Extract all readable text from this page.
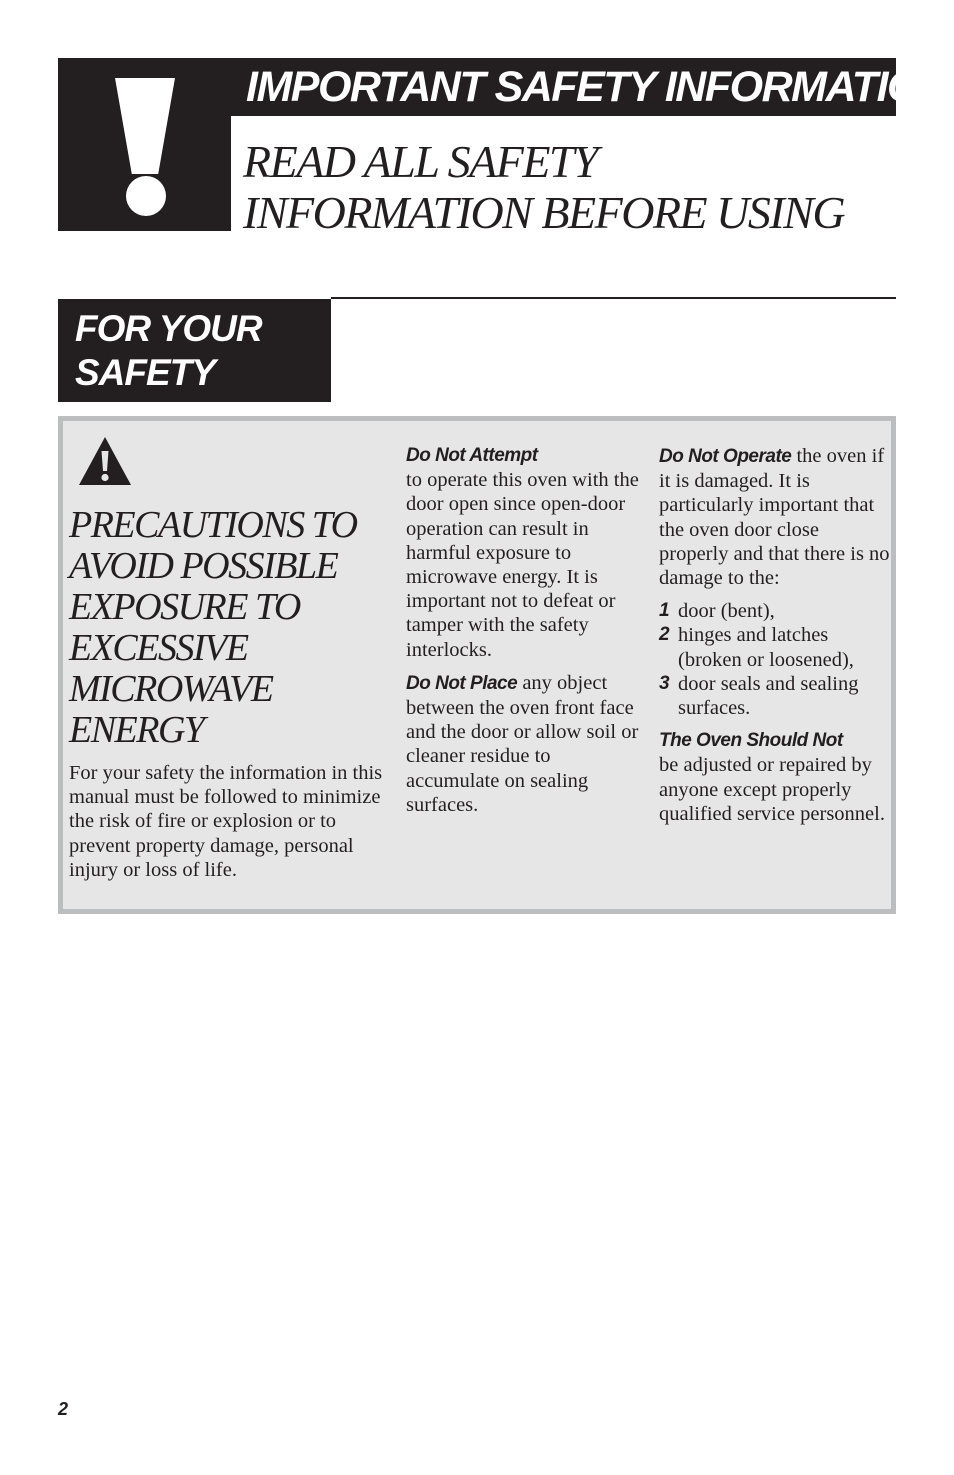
IMPORTANT SAFETY INFORMATION
READ ALL SAFETY
INFORMATION BEFORE USING
FOR YOUR
SAFETY
PRECAUTIONS TO
AVOID POSSIBLE
EXPOSURE TO
EXCESSIVE
MICROWAVE
ENERGY

For your safety the information in this manual must be followed to minimize the risk of fire or explosion or to prevent property damage, personal injury or loss of life.

Do Not Attempt
to operate this oven with the door open since open-door operation can result in harmful exposure to microwave energy. It is important not to defeat or tamper with the safety interlocks.

Do Not Place any object between the oven front face and the door or allow soil or cleaner residue to accumulate on sealing surfaces.

Do Not Operate the oven if it is damaged. It is particularly important that the oven door close properly and that there is no damage to the:

1 door (bent),
2 hinges and latches (broken or loosened),
3 door seals and sealing surfaces.

The Oven Should Not
be adjusted or repaired by anyone except properly qualified service personnel.

2
